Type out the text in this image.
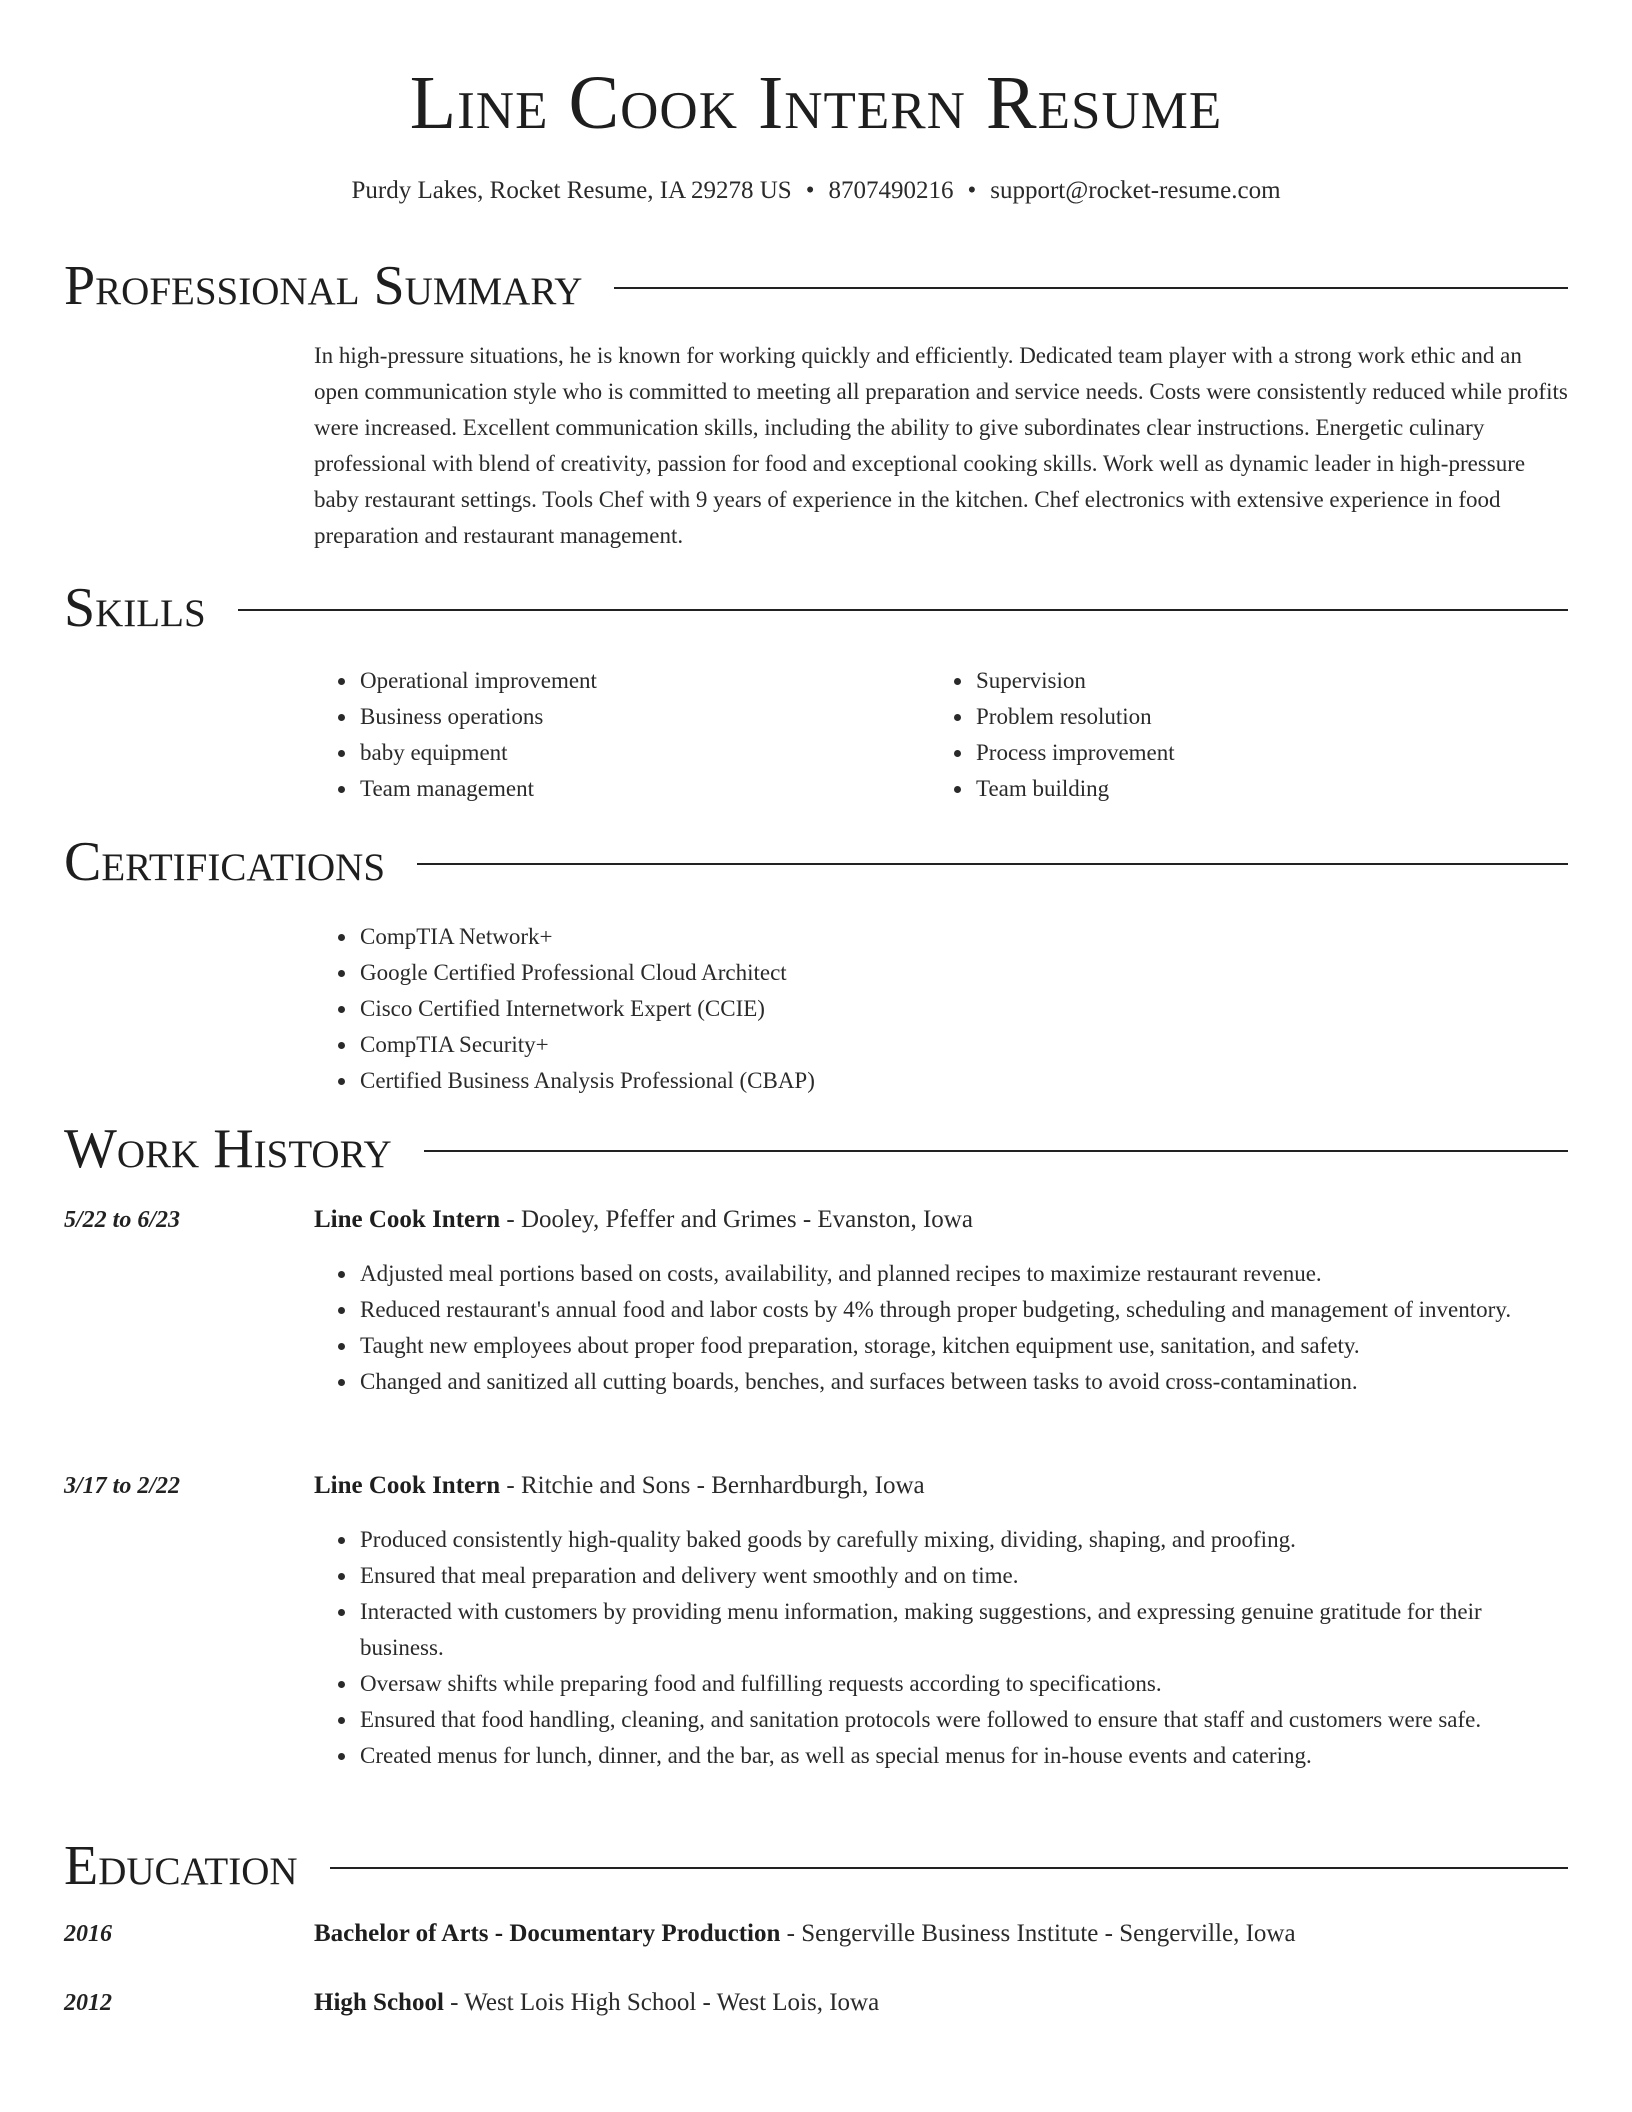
Line Cook Intern Resume
Purdy Lakes, Rocket Resume, IA 29278 US • 8707490216 • support@rocket-resume.com
Professional Summary
In high-pressure situations, he is known for working quickly and efficiently. Dedicated team player with a strong work ethic and an open communication style who is committed to meeting all preparation and service needs. Costs were consistently reduced while profits were increased. Excellent communication skills, including the ability to give subordinates clear instructions. Energetic culinary professional with blend of creativity, passion for food and exceptional cooking skills. Work well as dynamic leader in high-pressure baby restaurant settings. Tools Chef with 9 years of experience in the kitchen. Chef electronics with extensive experience in food preparation and restaurant management.
Skills
• Operational improvement
• Business operations
• baby equipment
• Team management
• Supervision
• Problem resolution
• Process improvement
• Team building
Certifications
• CompTIA Network+
• Google Certified Professional Cloud Architect
• Cisco Certified Internetwork Expert (CCIE)
• CompTIA Security+
• Certified Business Analysis Professional (CBAP)
Work History
5/22 to 6/23	Line Cook Intern - Dooley, Pfeffer and Grimes - Evanston, Iowa
• Adjusted meal portions based on costs, availability, and planned recipes to maximize restaurant revenue.
• Reduced restaurant's annual food and labor costs by 4% through proper budgeting, scheduling and management of inventory.
• Taught new employees about proper food preparation, storage, kitchen equipment use, sanitation, and safety.
• Changed and sanitized all cutting boards, benches, and surfaces between tasks to avoid cross-contamination.
3/17 to 2/22	Line Cook Intern - Ritchie and Sons - Bernhardburgh, Iowa
• Produced consistently high-quality baked goods by carefully mixing, dividing, shaping, and proofing.
• Ensured that meal preparation and delivery went smoothly and on time.
• Interacted with customers by providing menu information, making suggestions, and expressing genuine gratitude for their business.
• Oversaw shifts while preparing food and fulfilling requests according to specifications.
• Ensured that food handling, cleaning, and sanitation protocols were followed to ensure that staff and customers were safe.
• Created menus for lunch, dinner, and the bar, as well as special menus for in-house events and catering.
Education
2016	Bachelor of Arts - Documentary Production - Sengerville Business Institute - Sengerville, Iowa
2012	High School - West Lois High School - West Lois, Iowa
